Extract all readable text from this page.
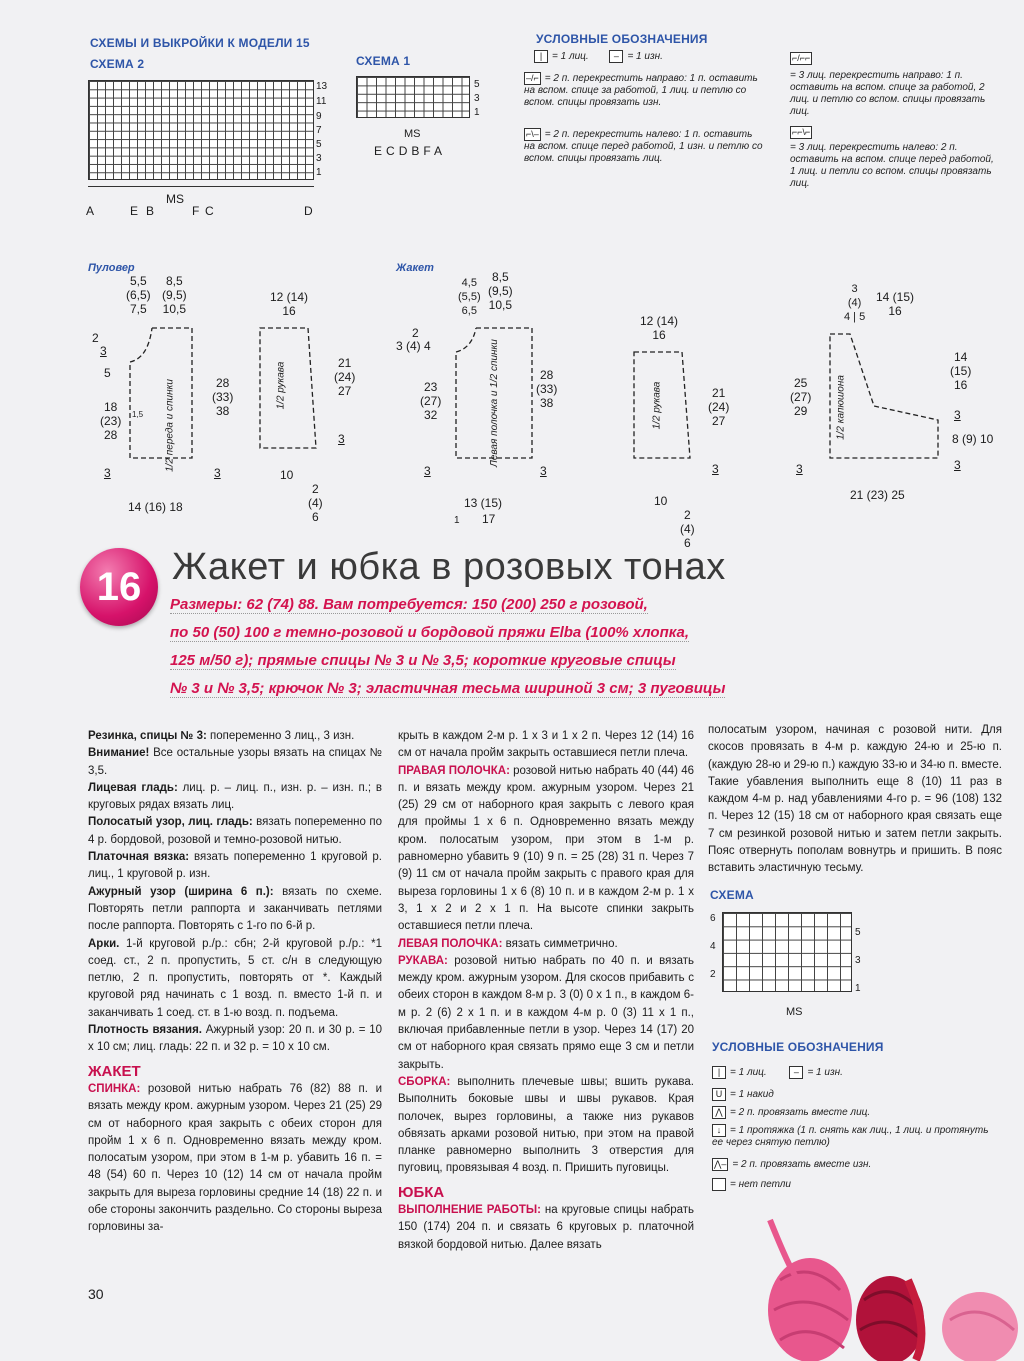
СХЕМЫ И ВЫКРОЙКИ К МОДЕЛИ 15
СХЕМА 2	СХЕМА 1
13
11
9
7
5
3
1
A	E B
MS
F C	D
5
3
1
MS
ECDBFA
УСЛОВНЫЕ ОБОЗНАЧЕНИЯ
| = 1 лиц.	– = 1 изн.
–/⌐ = 2 п. перекрестить направо: 1 п. оставить на вспом. спице за работой, 1 лиц. и петлю со вспом. спицы провязать изн.
⌐\– = 2 п. перекрестить налево: 1 п. оставить на вспом. спице перед работой, 1 изн. и петлю со вспом. спицы провязать лиц.
⌐/⌐⌐
= 3 лиц. перекрестить направо: 1 п. оставить на вспом. спице за работой, 2 лиц. и петлю со вспом. спицы провязать лиц.
⌐⌐\⌐
= 3 лиц. перекрестить налево: 2 п. оставить на вспом. спице перед работой, 1 лиц. и петли со вспом. спицы провязать лиц.
Пуловер	Жакет
5,5
(6,5)
7,5
8,5
(9,5)
10,5
1/2 переда и спинки
2
3
5
18
(23)
28
3
1,5
28
(33)
38
3
14 (16) 18
12 (14)
16
1/2 рукава	21
(24)
27
3
10
2
(4)
6
4,5
(5,5)
6,5
8,5
(9,5)
10,5
Левая полочка и 1/2 спинки
2
3 (4) 4
23
(27)
32
3
28
(33)
38
3
13 (15)
17
1
12 (14)
16
1/2 рукава	21
(24)
27
3
10
2
(4)
6
3
(4)
4 | 5
14 (15)
16
1/2 капюшона
25
(27)
29
3
14
(15)
16
3
8 (9) 10
3
21 (23) 25
16 Жакет и юбка в розовых тонах
Размеры: 62 (74) 88. Вам потребуется: 150 (200) 250 г розовой,
по 50 (50) 100 г темно-розовой и бордовой пряжи Elba (100% хлопка,
125 м/50 г); прямые спицы № 3 и № 3,5; короткие круговые спицы
№ 3 и № 3,5; крючок № 3; эластичная тесьма шириной 3 см; 3 пуговицы

Резинка, спицы № 3: попеременно 3 лиц., 3 изн.

Внимание! Все остальные узоры вязать на спицах № 3,5.

Лицевая гладь: лиц. р. – лиц. п., изн. р. – изн. п.; в круговых рядах вязать лиц.

Полосатый узор, лиц. гладь: вязать попеременно по 4 р. бордовой, розовой и темно-розовой нитью.

Платочная вязка: вязать попеременно 1 круговой р. лиц., 1 круговой р. изн.

Ажурный узор (ширина 6 п.): вязать по схеме. Повторять петли раппорта и заканчивать петлями после раппорта. Повторять с 1-го по 6-й р.

Арки. 1-й круговой р./р.: сбн; 2-й круговой р./р.: *1 соед. ст., 2 п. пропустить, 5 ст. с/н в следующую петлю, 2 п. пропустить, повторять от *. Каждый круговой ряд начинать с 1 возд. п. вместо 1-й п. и заканчивать 1 соед. ст. в 1-ю возд. п. подъема.

Плотность вязания. Ажурный узор: 20 п. и 30 р. = 10 х 10 см; лиц. гладь: 22 п. и 32 р. = 10 х 10 см.

ЖАКЕТ

СПИНКА: розовой нитью набрать 76 (82) 88 п. и вязать между кром. ажурным узором. Через 21 (25) 29 см от наборного края закрыть с обеих сторон для пройм 1 х 6 п. Одновременно вязать между кром. полосатым узором, при этом в 1-м р. убавить 16 п. = 48 (54) 60 п. Через 10 (12) 14 см от начала пройм закрыть для выреза горловины средние 14 (18) 22 п. и обе стороны закончить раздельно. Со стороны выреза горловины за-

крыть в каждом 2-м р. 1 х 3 и 1 х 2 п. Через 12 (14) 16 см от начала пройм закрыть оставшиеся петли плеча.

ПРАВАЯ ПОЛОЧКА: розовой нитью набрать 40 (44) 46 п. и вязать между кром. ажурным узором. Через 21 (25) 29 см от наборного края закрыть с левого края для проймы 1 х 6 п. Одновременно вязать между кром. полосатым узором, при этом в 1-м р. равномерно убавить 9 (10) 9 п. = 25 (28) 31 п. Через 7 (9) 11 см от начала пройм закрыть с правого края для выреза горловины 1 х 6 (8) 10 п. и в каждом 2-м р. 1 х 3, 1 х 2 и 2 х 1 п. На высоте спинки закрыть оставшиеся петли плеча.

ЛЕВАЯ ПОЛОЧКА: вязать симметрично.

РУКАВА: розовой нитью набрать по 40 п. и вязать между кром. ажурным узором. Для скосов прибавить с обеих сторон в каждом 8-м р. 3 (0) 0 х 1 п., в каждом 6-м р. 2 (6) 2 х 1 п. и в каждом 4-м р. 0 (3) 11 х 1 п., включая прибавленные петли в узор. Через 14 (17) 20 см от наборного края связать прямо еще 3 см и петли закрыть.

СБОРКА: выполнить плечевые швы; вшить рукава. Выполнить боковые швы и швы рукавов. Края полочек, вырез горловины, а также низ рукавов обвязать арками розовой нитью, при этом на правой планке равномерно выполнить 3 отверстия для пуговиц, провязывая 4 возд. п. Пришить пуговицы.

ЮБКА

ВЫПОЛНЕНИЕ РАБОТЫ: на круговые спицы набрать 150 (174) 204 п. и связать 6 круговых р. платочной вязкой бордовой нитью. Далее вязать

полосатым узором, начиная с розовой нити. Для скосов провязать в 4-м р. каждую 24-ю и 25-ю п. (каждую 28-ю и 29-ю п.) каждую 33-ю и 34-ю п. вместе. Такие убавления выполнить еще 8 (10) 11 раз в каждом 4-м р. над убавлениями 4-го р. = 96 (108) 132 п. Через 12 (15) 18 см от наборного края связать еще 7 см резинкой розовой нитью и затем петли закрыть. Пояс отвернуть пополам вовнутрь и пришить. В пояс вставить эластичную тесьму.

СХЕМА
6
5
4
3
2
1
MS
УСЛОВНЫЕ ОБОЗНАЧЕНИЯ
| = 1 лиц.	– = 1 изн.
U = 1 накид
⋀ = 2 п. провязать вместе лиц.
↓ = 1 протяжка (1 п. снять как лиц., 1 лиц. и протянуть ее через снятую петлю)
⋀– = 2 п. провязать вместе изн.
= нет петли
30
